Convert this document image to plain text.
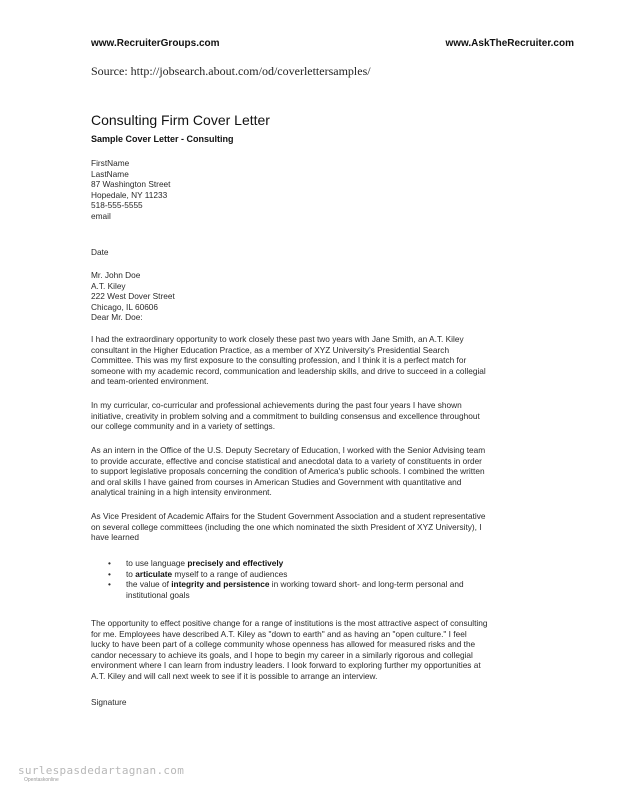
www.RecruiterGroups.com	www.AskTheRecruiter.com
Source: http://jobsearch.about.com/od/coverlettersamples/
Consulting Firm Cover Letter
Sample Cover Letter - Consulting
FirstName
LastName
87 Washington Street
Hopedale, NY 11233
518-555-5555
email
Date
Mr. John Doe
A.T. Kiley
222 West Dover Street
Chicago, IL 60606
Dear Mr. Doe:
I had the extraordinary opportunity to work closely these past two years with Jane Smith, an A.T. Kiley
consultant in the Higher Education Practice, as a member of XYZ University's Presidential Search
Committee. This was my first exposure to the consulting profession, and I think it is a perfect match for
someone with my academic record, communication and leadership skills, and drive to succeed in a collegial
and team-oriented environment.
In my curricular, co-curricular and professional achievements during the past four years I have shown
initiative, creativity in problem solving and a commitment to building consensus and excellence throughout
our college community and in a variety of settings.
As an intern in the Office of the U.S. Deputy Secretary of Education, I worked with the Senior Advising team
to provide accurate, effective and concise statistical and anecdotal data to a variety of constituents in order
to support legislative proposals concerning the condition of America's public schools. I combined the written
and oral skills I have gained from courses in American Studies and Government with quantitative and
analytical training in a high intensity environment.
As Vice President of Academic Affairs for the Student Government Association and a student representative
on several college committees (including the one which nominated the sixth President of XYZ University), I
have learned
•	to use language precisely and effectively
•	to articulate myself to a range of audiences
•	the value of integrity and persistence in working toward short- and long-term personal and
institutional goals
The opportunity to effect positive change for a range of institutions is the most attractive aspect of consulting
for me. Employees have described A.T. Kiley as "down to earth" and as having an "open culture." I feel
lucky to have been part of a college community whose openness has allowed for measured risks and the
candor necessary to achieve its goals, and I hope to begin my career in a similarly rigorous and collegial
environment where I can learn from industry leaders. I look forward to exploring further my opportunities at
A.T. Kiley and will call next week to see if it is possible to arrange an interview.
Signature
surlespasdedartagnan.com
Opentaskonline
